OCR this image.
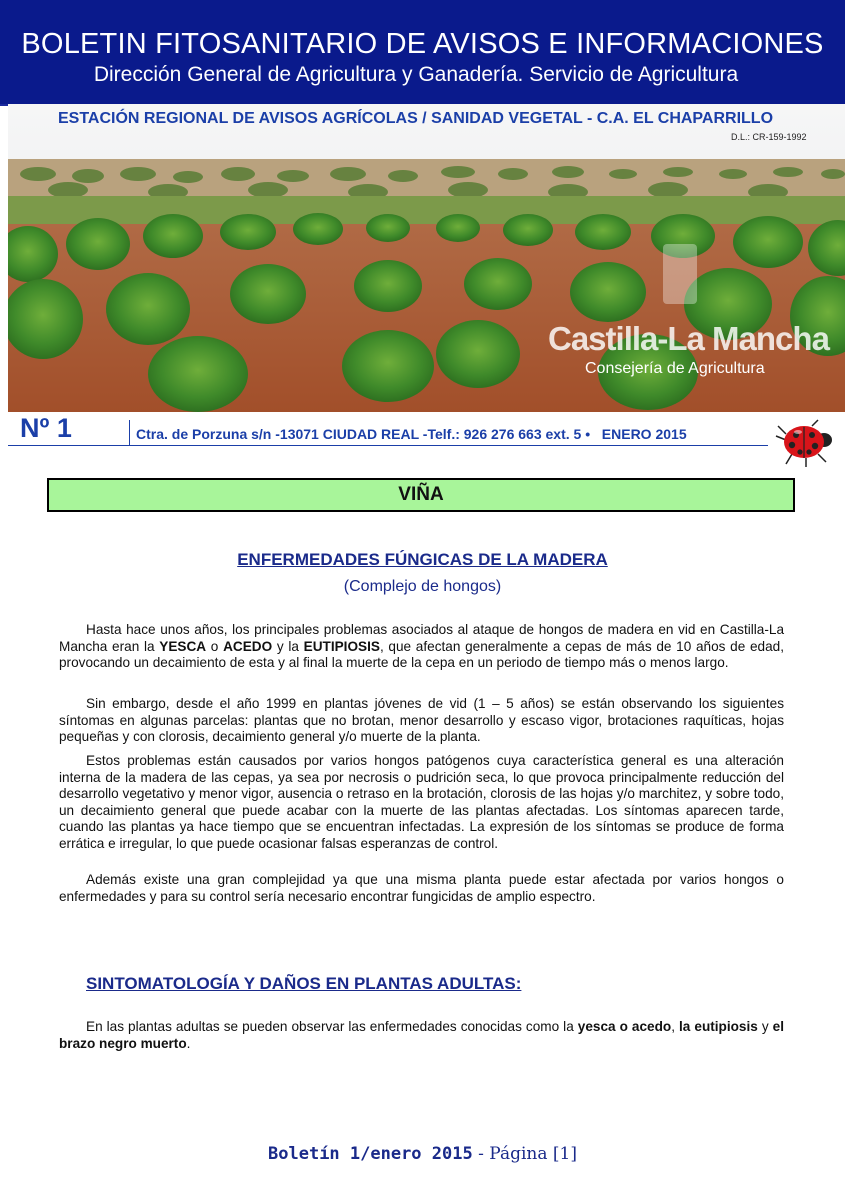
BOLETIN FITOSANITARIO DE AVISOS E INFORMACIONES
Dirección General de Agricultura y Ganadería. Servicio de Agricultura
ESTACIÓN REGIONAL DE AVISOS AGRÍCOLAS / SANIDAD VEGETAL - C.A. EL CHAPARRILLO
D.L.: CR-159-1992
Castilla-La Mancha
Consejería de Agricultura
Nº 1	Ctra. de Porzuna s/n -13071 CIUDAD REAL -Telf.: 926 276 663 ext. 5 • ENERO 2015
VIÑA
ENFERMEDADES FÚNGICAS DE LA MADERA
(Complejo de hongos)
Hasta hace unos años, los principales problemas asociados al ataque de hongos de madera en vid en Castilla-La Mancha eran la YESCA o ACEDO y la EUTIPIOSIS, que afectan generalmente a cepas de más de 10 años de edad, provocando un decaimiento de esta y al final la muerte de la cepa en un periodo de tiempo más o menos largo.
Sin embargo, desde el año 1999 en plantas jóvenes de vid (1 – 5 años) se están observando los siguientes síntomas en algunas parcelas: plantas que no brotan, menor desarrollo y escaso vigor, brotaciones raquíticas, hojas pequeñas y con clorosis, decaimiento general y/o muerte de la planta.
Estos problemas están causados por varios hongos patógenos cuya característica general es una alteración interna de la madera de las cepas, ya sea por necrosis o pudrición seca, lo que provoca principalmente reducción del desarrollo vegetativo y menor vigor, ausencia o retraso en la brotación, clorosis de las hojas y/o marchitez, y sobre todo, un decaimiento general que puede acabar con la muerte de las plantas afectadas. Los síntomas aparecen tarde, cuando las plantas ya hace tiempo que se encuentran infectadas. La expresión de los síntomas se produce de forma errática e irregular, lo que puede ocasionar falsas esperanzas de control.
Además existe una gran complejidad ya que una misma planta puede estar afectada por varios hongos o enfermedades y para su control sería necesario encontrar fungicidas de amplio espectro.
SINTOMATOLOGÍA Y DAÑOS EN PLANTAS ADULTAS:
En las plantas adultas se pueden observar las enfermedades conocidas como la yesca o acedo, la eutipiosis y el brazo negro muerto.
Boletín 1/enero 2015 - Página [1]
